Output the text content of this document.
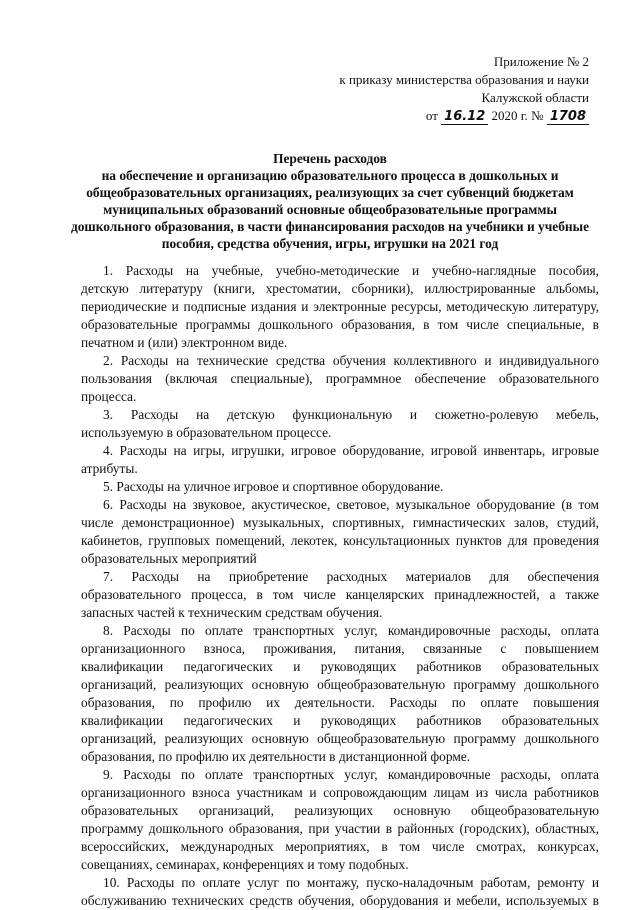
Приложение № 2
к приказу министерства образования и науки
Калужской области
от 16.12 2020 г. № 1708
Перечень расходов
на обеспечение и организацию образовательного процесса в дошкольных и
общеобразовательных организациях, реализующих за счет субвенций бюджетам
муниципальных образований основные общеобразовательные программы
дошкольного образования, в части финансирования расходов на учебники и учебные
пособия, средства обучения, игры, игрушки на 2021 год
1. Расходы на учебные, учебно-методические и учебно-наглядные пособия,
детскую литературу (книги, хрестоматии, сборники), иллюстрированные альбомы,
периодические и подписные издания и электронные ресурсы, методическую литературу,
образовательные программы дошкольного образования, в том числе специальные, в
печатном и (или) электронном виде.
2. Расходы на технические средства обучения коллективного и индивидуального
пользования (включая специальные), программное обеспечение образовательного
процесса.
3. Расходы на детскую функциональную и сюжетно-ролевую мебель,
используемую в образовательном процессе.
4. Расходы на игры, игрушки, игровое оборудование, игровой инвентарь, игровые
атрибуты.
5. Расходы на уличное игровое и спортивное оборудование.
6. Расходы на звуковое, акустическое, световое, музыкальное оборудование (в том
числе демонстрационное) музыкальных, спортивных, гимнастических залов, студий,
кабинетов, групповых помещений, лекотек, консультационных пунктов для проведения
образовательных мероприятий
7. Расходы на приобретение расходных материалов для обеспечения
образовательного процесса, в том числе канцелярских принадлежностей, а также
запасных частей к техническим средствам обучения.
8. Расходы по оплате транспортных услуг, командировочные расходы, оплата
организационного взноса, проживания, питания, связанные с повышением
квалификации педагогических и руководящих работников образовательных
организаций, реализующих основную общеобразовательную программу дошкольного
образования, по профилю их деятельности. Расходы по оплате повышения
квалификации педагогических и руководящих работников образовательных
организаций, реализующих основную общеобразовательную программу дошкольного
образования, по профилю их деятельности в дистанционной форме.
9. Расходы по оплате транспортных услуг, командировочные расходы, оплата
организационного взноса участникам и сопровождающим лицам из числа работников
образовательных организаций, реализующих основную общеобразовательную
программу дошкольного образования, при участии в районных (городских), областных,
всероссийских, международных мероприятиях, в том числе смотрах, конкурсах,
совещаниях, семинарах, конференциях и тому подобных.
10. Расходы по оплате услуг по монтажу, пуско-наладочным работам, ремонту и
обслуживанию технических средств обучения, оборудования и мебели, используемых в
